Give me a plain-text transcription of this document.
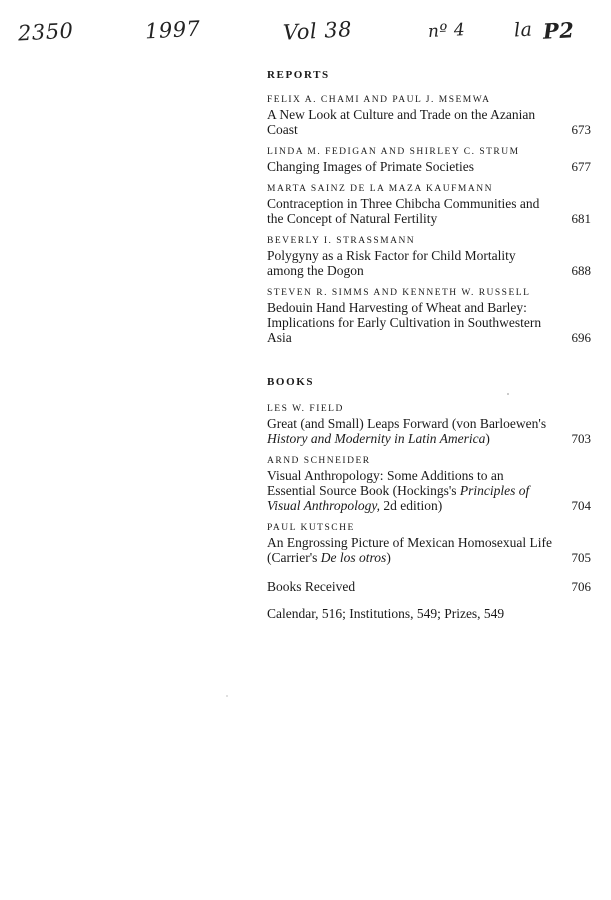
2350	1997	Vol 38	nº 4	la P2
REPORTS
FELIX A. CHAMI AND PAUL J. MSEMWA
A New Look at Culture and Trade on the Azanian Coast	673
LINDA M. FEDIGAN AND SHIRLEY C. STRUM
Changing Images of Primate Societies	677
MARTA SAINZ DE LA MAZA KAUFMANN
Contraception in Three Chibcha Communities and the Concept of Natural Fertility	681
BEVERLY I. STRASSMANN
Polygyny as a Risk Factor for Child Mortality among the Dogon	688
STEVEN R. SIMMS AND KENNETH W. RUSSELL
Bedouin Hand Harvesting of Wheat and Barley: Implications for Early Cultivation in Southwestern Asia	696
BOOKS
LES W. FIELD
Great (and Small) Leaps Forward (von Barloewen's History and Modernity in Latin America)	703
ARND SCHNEIDER
Visual Anthropology: Some Additions to an Essential Source Book (Hockings's Principles of Visual Anthropology, 2d edition)	704
PAUL KUTSCHE
An Engrossing Picture of Mexican Homosexual Life (Carrier's De los otros)	705
Books Received	706
Calendar, 516; Institutions, 549; Prizes, 549
